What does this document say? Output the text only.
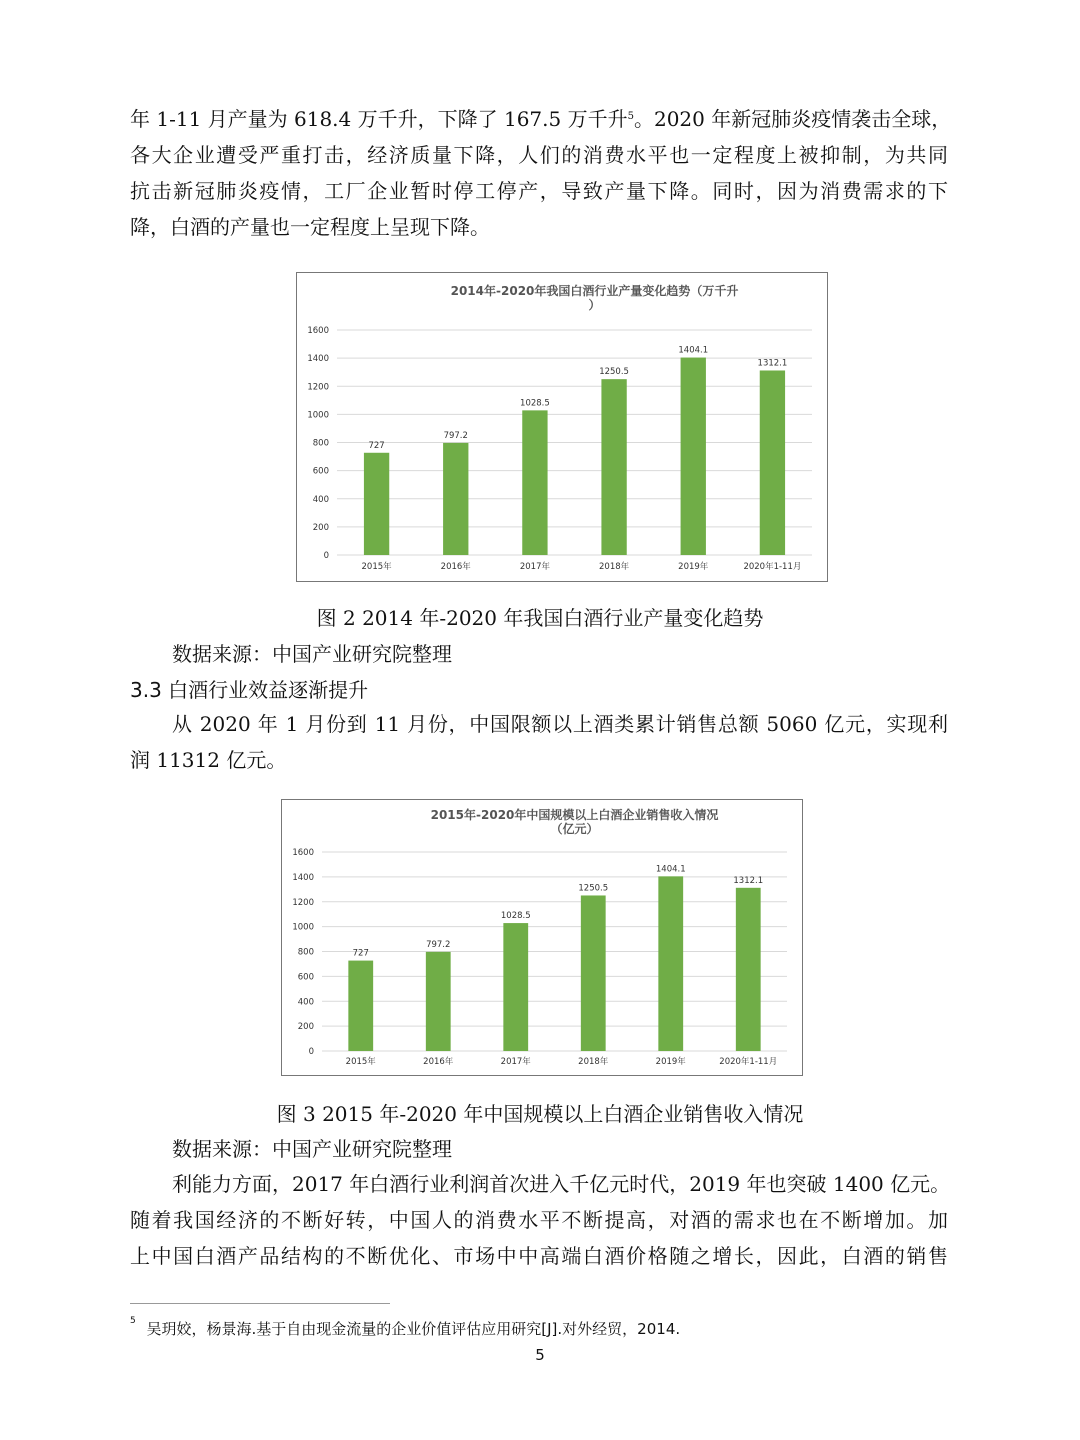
年 1-11 月产量为 618.4 万千升，下降了 167.5 万千升$^5$。2020 年新冠肺炎疫情袭击全球，
各大企业遭受严重打击，经济质量下降，人们的消费水平也一定程度上被抑制，为共同
抗击新冠肺炎疫情，工厂企业暂时停工停产，导致产量下降。同时，因为消费需求的下
降，白酒的产量也一定程度上呈现下降。
2014年-2020年我国白酒行业产量变化趋势（万千升
）
0
200
400
600
800
1000
1200
1400
1600
727
2015年
797.2
2016年
1028.5
2017年
1250.5
2018年
1404.1
2019年
1312.1
2020年1-11月
图 2 2014 年-2020 年我国白酒行业产量变化趋势
数据来源：中国产业研究院整理
3.3 白酒行业效益逐渐提升
从 2020 年 1 月份到 11 月份，中国限额以上酒类累计销售总额 5060 亿元，实现利
润 11312 亿元。
2015年-2020年中国规模以上白酒企业销售收入情况
（亿元）
0
200
400
600
800
1000
1200
1400
1600
727
2015年
797.2
2016年
1028.5
2017年
1250.5
2018年
1404.1
2019年
1312.1
2020年1-11月
图 3 2015 年-2020 年中国规模以上白酒企业销售收入情况
数据来源：中国产业研究院整理
利能力方面，2017 年白酒行业利润首次进入千亿元时代，2019 年也突破 1400 亿元。
随着我国经济的不断好转，中国人的消费水平不断提高，对酒的需求也在不断增加。加
上中国白酒产品结构的不断优化、市场中中高端白酒价格随之增长，因此，白酒的销售
$^5$ 吴玥姣，杨景海.基于自由现金流量的企业价值评估应用研究[J].对外经贸，2014.
5
